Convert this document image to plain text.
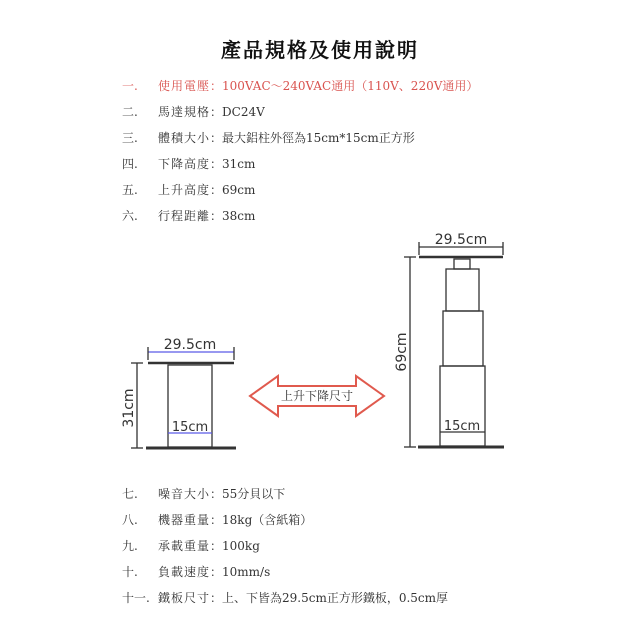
產品規格及使用說明
一. 使用電壓：100VAC～240VAC通用（110V、220V通用）
二. 馬達規格：DC24V
三. 體積大小：最大鋁柱外徑為15cm*15cm正方形
四. 下降高度：31cm
五. 上升高度：69cm
六. 行程距離：38cm
29.5cm
31cm	15cm
29.5cm
69cm
15cm
上升下降尺寸
七. 噪音大小：55分貝以下
八. 機器重量：18kg（含紙箱）
九. 承載重量：100kg
十. 負載速度：10mm/s
十一. 鐵板尺寸：上、下皆為29.5cm正方形鐵板，0.5cm厚
